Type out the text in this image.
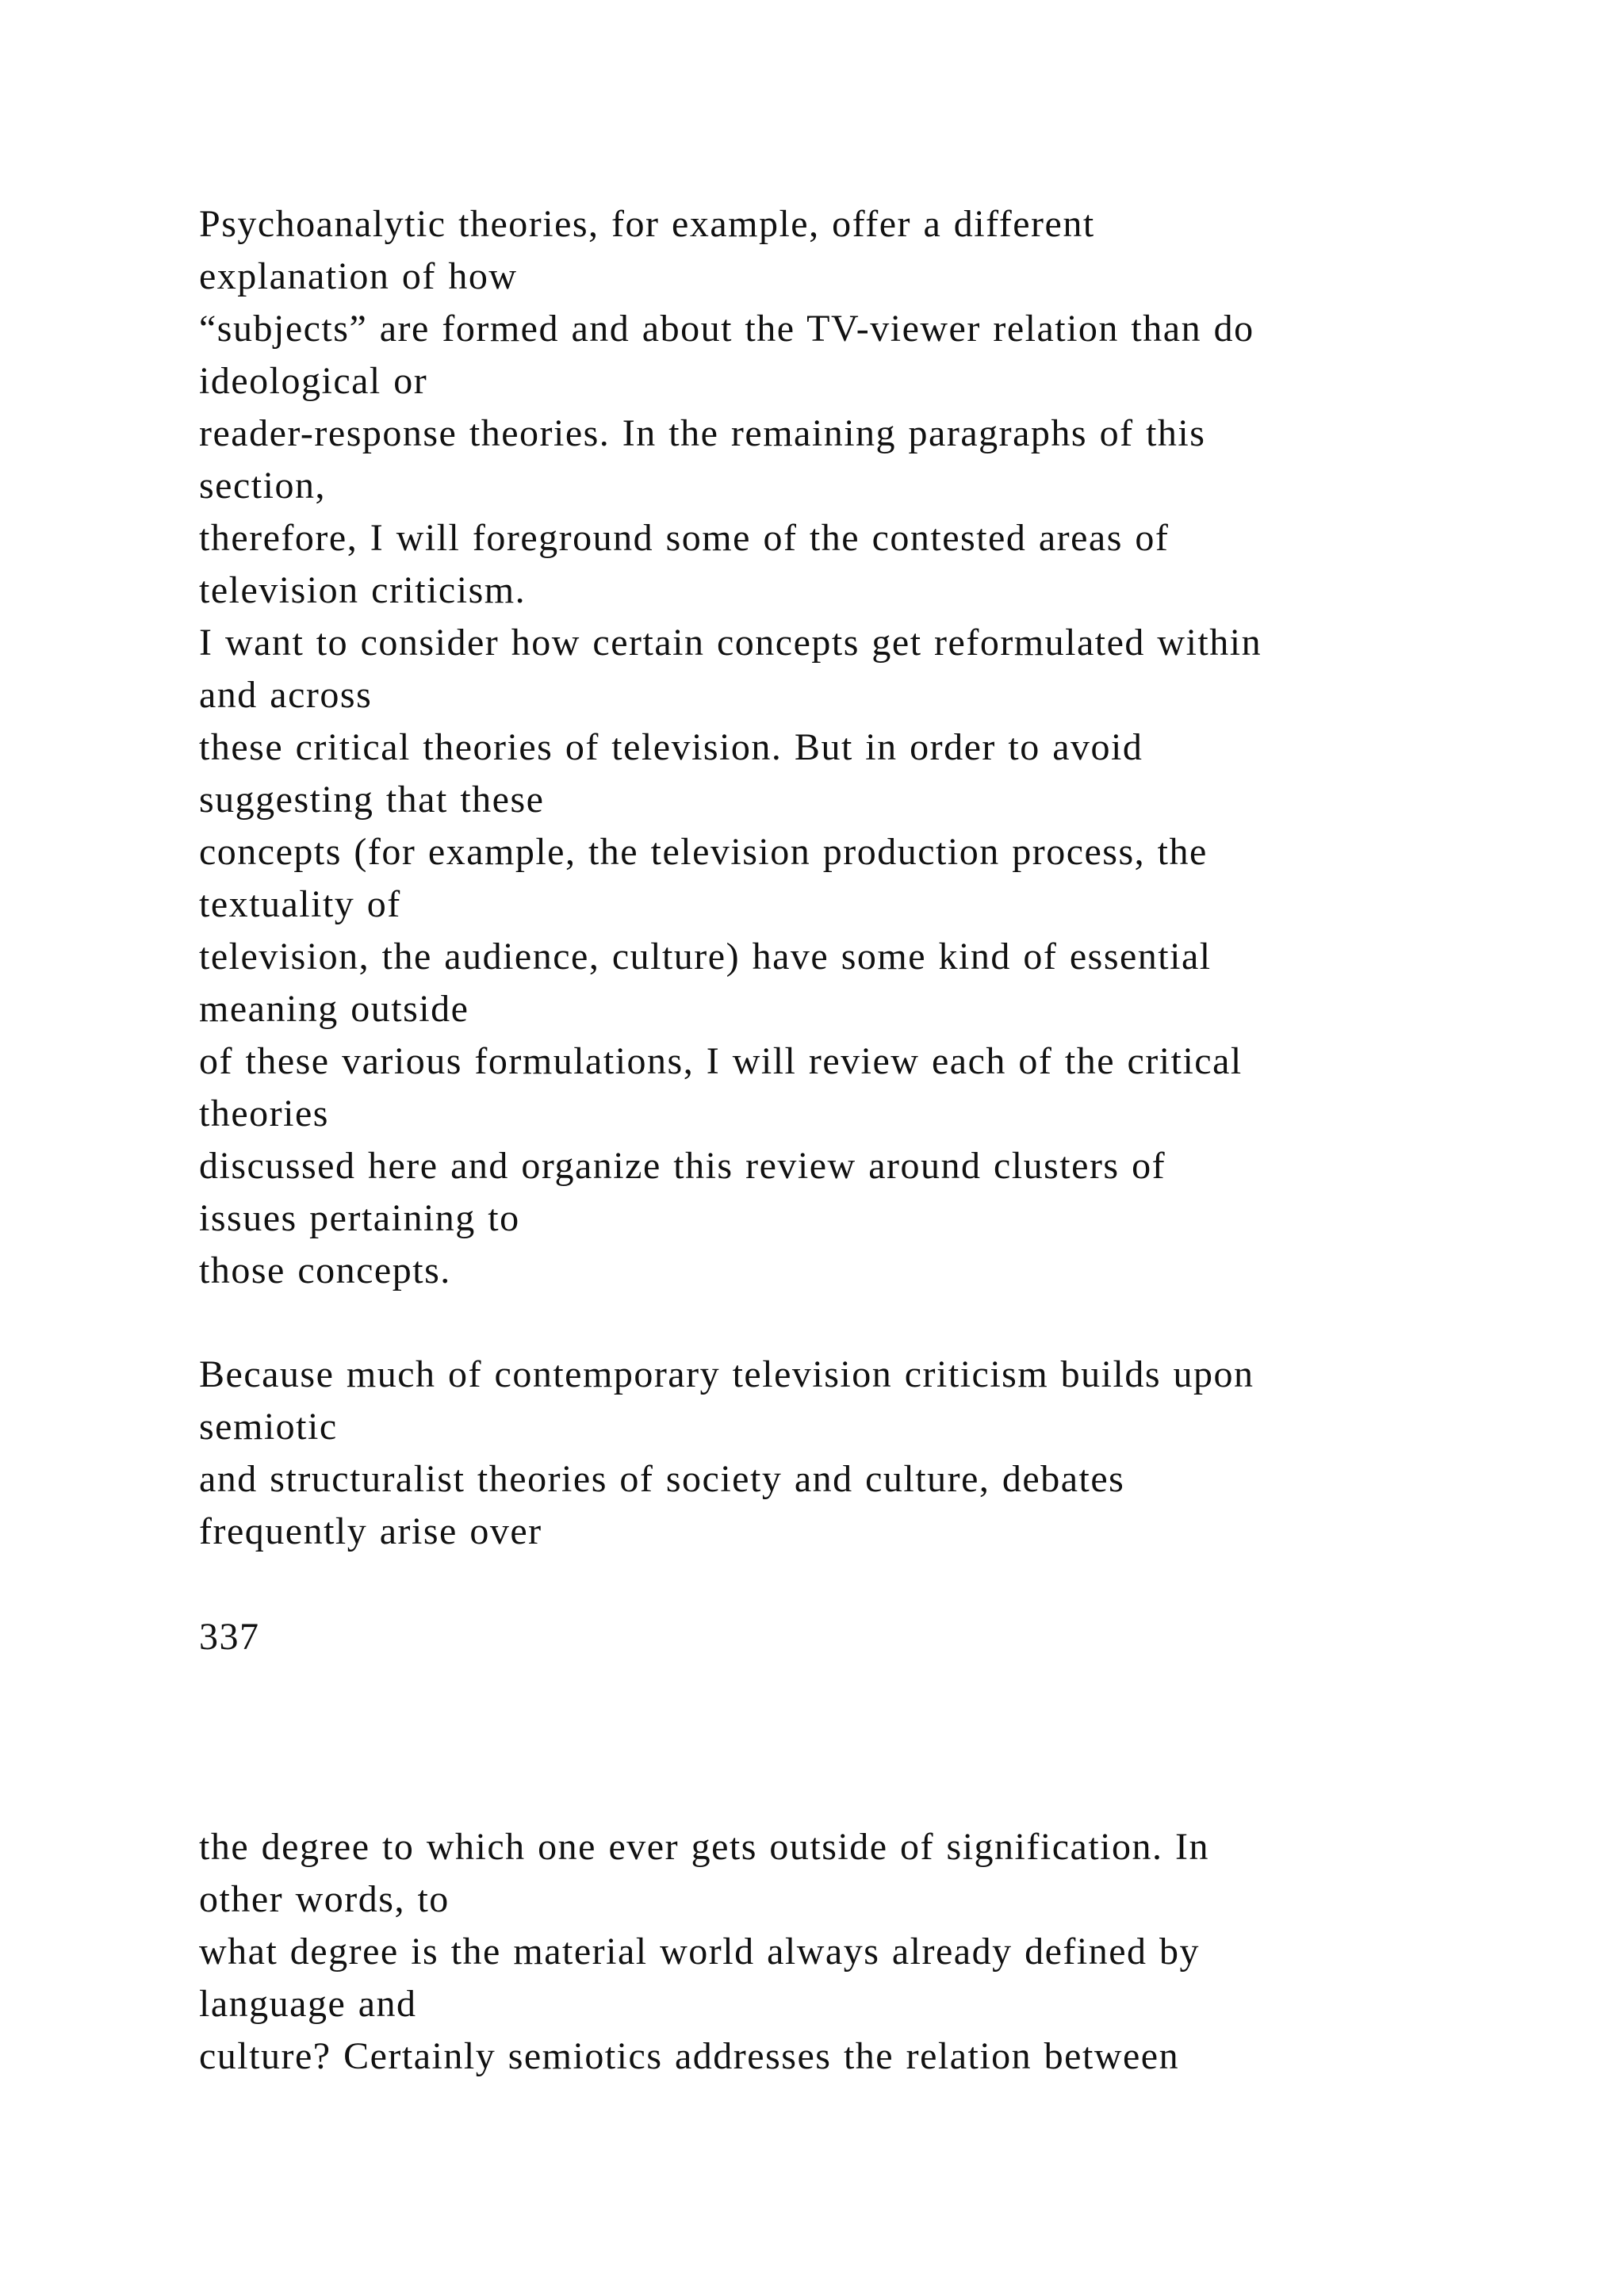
Psychoanalytic theories, for example, offer a different
explanation of how
“subjects” are formed and about the TV-viewer relation than do
ideological or
reader-response theories. In the remaining paragraphs of this
section,
therefore, I will foreground some of the contested areas of
television criticism.
I want to consider how certain concepts get reformulated within
and across
these critical theories of television. But in order to avoid
suggesting that these
concepts (for example, the television production process, the
textuality of
television, the audience, culture) have some kind of essential
meaning outside
of these various formulations, I will review each of the critical
theories
discussed here and organize this review around clusters of
issues pertaining to
those concepts.
Because much of contemporary television criticism builds upon
semiotic
and structuralist theories of society and culture, debates
frequently arise over
337
the degree to which one ever gets outside of signification. In
other words, to
what degree is the material world always already defined by
language and
culture? Certainly semiotics addresses the relation between
